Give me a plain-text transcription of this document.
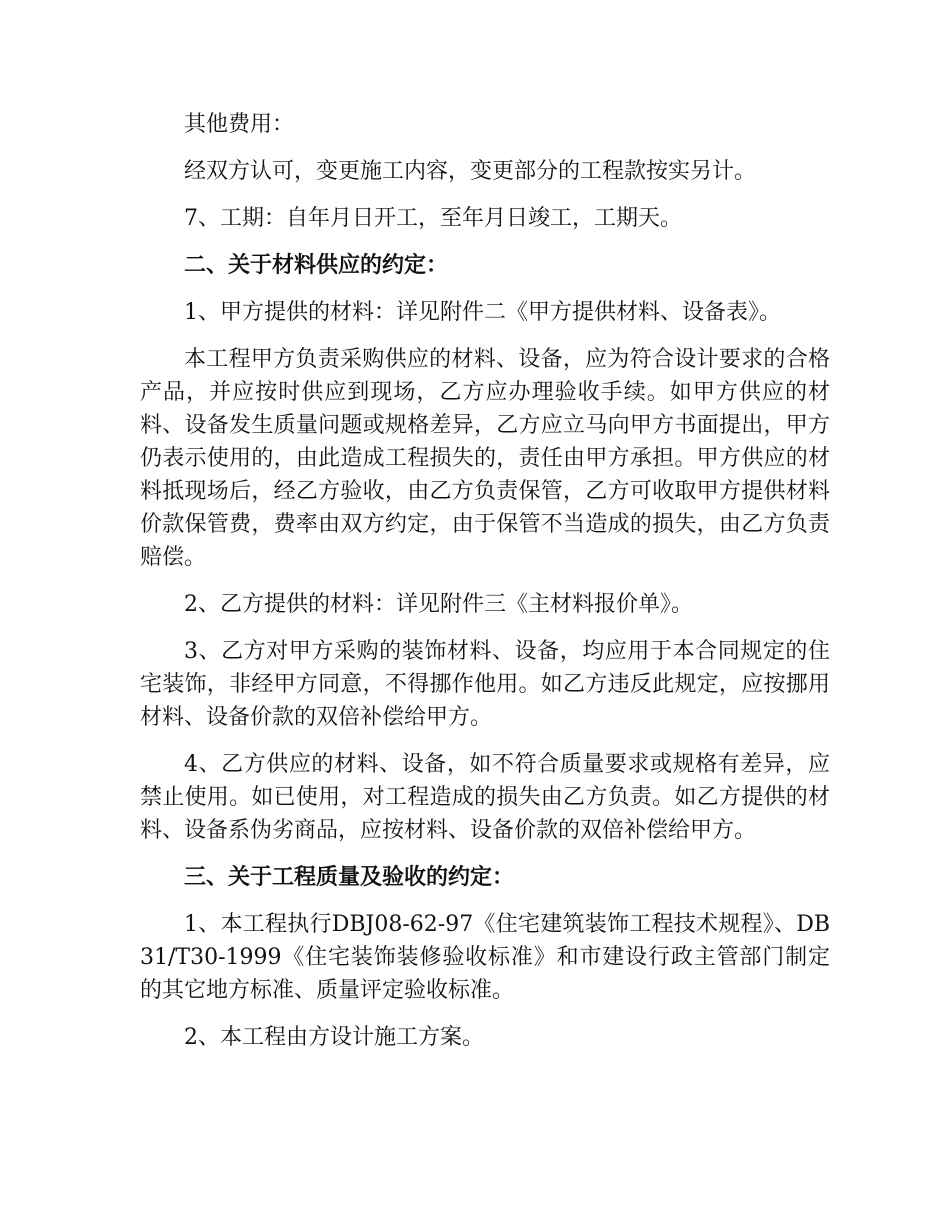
其他费用：

经双方认可，变更施工内容，变更部分的工程款按实另计。

7、工期：自年月日开工，至年月日竣工，工期天。

二、关于材料供应的约定：

1、甲方提供的材料：详见附件二《甲方提供材料、设备表》。

本工程甲方负责采购供应的材料、设备，应为符合设计要求的合格产品，并应按时供应到现场，乙方应办理验收手续。如甲方供应的材料、设备发生质量问题或规格差异，乙方应立马向甲方书面提出，甲方仍表示使用的，由此造成工程损失的，责任由甲方承担。甲方供应的材料抵现场后，经乙方验收，由乙方负责保管，乙方可收取甲方提供材料价款保管费，费率由双方约定，由于保管不当造成的损失，由乙方负责赔偿。

2、乙方提供的材料：详见附件三《主材料报价单》。

3、乙方对甲方采购的装饰材料、设备，均应用于本合同规定的住宅装饰，非经甲方同意，不得挪作他用。如乙方违反此规定，应按挪用材料、设备价款的双倍补偿给甲方。

4、乙方供应的材料、设备，如不符合质量要求或规格有差异，应禁止使用。如已使用，对工程造成的损失由乙方负责。如乙方提供的材料、设备系伪劣商品，应按材料、设备价款的双倍补偿给甲方。

三、关于工程质量及验收的约定：

1、本工程执行DBJ08-62-97《住宅建筑装饰工程技术规程》、DB31/T30-1999《住宅装饰装修验收标准》和市建设行政主管部门制定的其它地方标准、质量评定验收标准。

2、本工程由方设计施工方案。
